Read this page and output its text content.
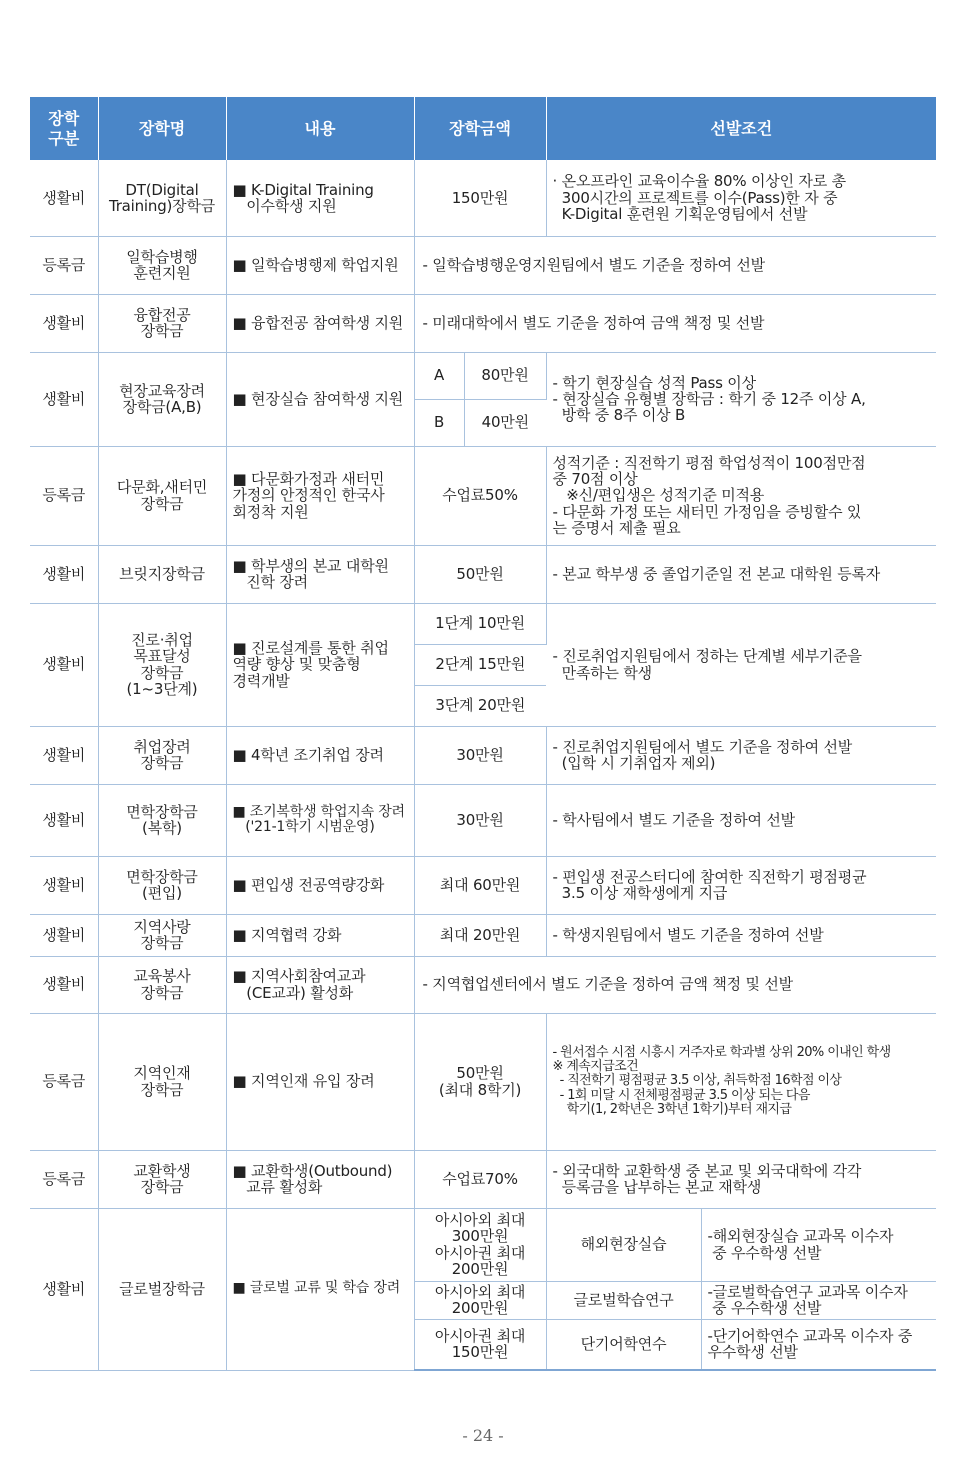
장학
구분	장학명	내용	장학금액		선발조건	
생활비	DT(Digital
Training)장학금	■ K-Digital Training
이수학생 지원	150만원		· 온오프라인 교육이수율 80% 이상인 자로 총
300시간의 프로젝트를 이수(Pass)한 자 중
K-Digital 훈련원 기획운영팀에서 선발	
등록금	일학습병행
훈련지원	■ 일학습병행제 학업지원	- 일학습병행운영지원팀에서 별도 기준을 정하여 선발			
생활비	융합전공
장학금	■ 융합전공 참여학생 지원	- 미래대학에서 별도 기준을 정하여 금액 책정 및 선발			
생활비	현장교육장려
장학금(A,B)	■ 현장실습 참여학생 지원	A	80만원	- 학기 현장실습 성적 Pass 이상
- 현장실습 유형별 장학금 : 학기 중 12주 이상 A,
방학 중 8주 이상 B	
			B	40만원		
등록금	다문화,새터민
장학금	■ 다문화가정과 새터민
가정의 안정적인 한국사
회정착 지원	수업료50%		성적기준 : 직전학기 평점 학업성적이 100점만점
중 70점 이상
※신/편입생은 성적기준 미적용
- 다문화 가정 또는 새터민 가정임을 증빙할수 있
는 증명서 제출 필요	
생활비	브릿지장학금	■ 학부생의 본교 대학원
진학 장려	50만원		- 본교 학부생 중 졸업기준일 전 본교 대학원 등록자	
생활비	진로·취업
목표달성
장학금
(1~3단계)	■ 진로설계를 통한 취업
역량 향상 및 맞춤형
경력개발	1단계 10만원		- 진로취업지원팀에서 정하는 단계별 세부기준을
만족하는 학생	
			2단계 15만원			
			3단계 20만원			
생활비	취업장려
장학금	■ 4학년 조기취업 장려	30만원		- 진로취업지원팀에서 별도 기준을 정하여 선발
(입학 시 기취업자 제외)	
생활비	면학장학금
(복학)	■ 조기복학생 학업지속 장려
('21-1학기 시범운영)	30만원		- 학사팀에서 별도 기준을 정하여 선발	
생활비	면학장학금
(편입)	■ 편입생 전공역량강화	최대 60만원		- 편입생 전공스터디에 참여한 직전학기 평점평균
3.5 이상 재학생에게 지급	
생활비	지역사랑
장학금	■ 지역협력 강화	최대 20만원		- 학생지원팀에서 별도 기준을 정하여 선발	
생활비	교육봉사
장학금	■ 지역사회참여교과
(CE교과) 활성화	- 지역협업센터에서 별도 기준을 정하여 금액 책정 및 선발			
등록금	지역인재
장학금	■ 지역인재 유입 장려	50만원
(최대 8학기)		- 원서접수 시점 시흥시 거주자로 학과별 상위 20% 이내인 학생
※ 계속지급조건
- 직전학기 평점평균 3.5 이상, 취득학점 16학점 이상
- 1회 미달 시 전체평점평균 3.5 이상 되는 다음
학기(1, 2학년은 3학년 1학기)부터 재지급	
등록금	교환학생
장학금	■ 교환학생(Outbound)
교류 활성화	수업료70%		- 외국대학 교환학생 중 본교 및 외국대학에 각각
등록금을 납부하는 본교 재학생	
생활비	글로벌장학금	■ 글로벌 교류 및 학습 장려	아시아외 최대
300만원
아시아권 최대
200만원		해외현장실습	-해외현장실습 교과목 이수자
중 우수학생 선발
			아시아외 최대
200만원		글로벌학습연구	-글로벌학습연구 교과목 이수자
중 우수학생 선발
			아시아권 최대
150만원		단기어학연수	-단기어학연수 교과목 이수자 중
우수학생 선발
- 24 -
